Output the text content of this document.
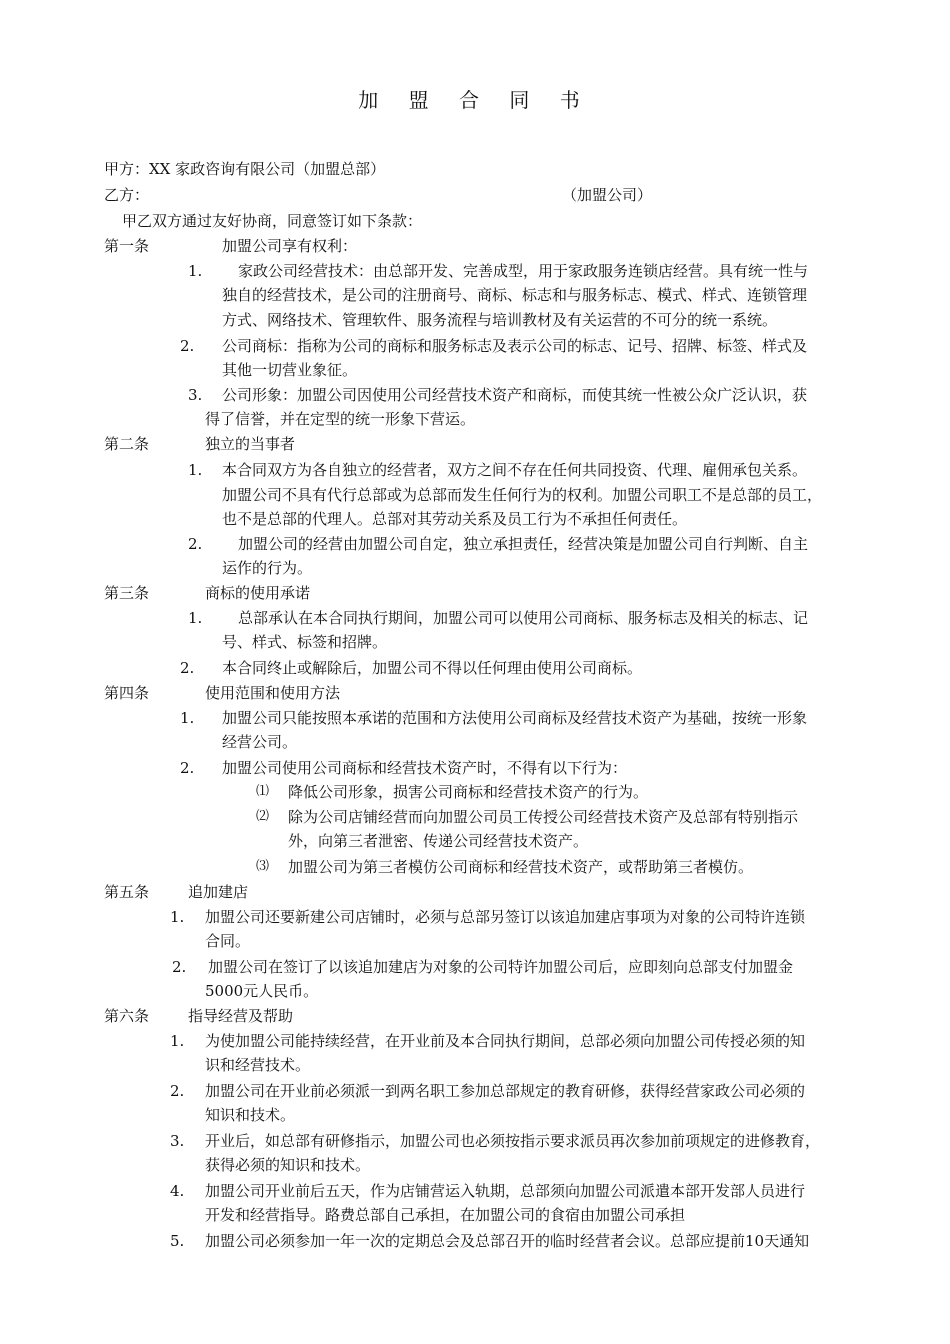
加 盟 合 同 书
甲方：XX 家政咨询有限公司（加盟总部）
乙方：	（加盟公司）
甲乙双方通过友好协商，同意签订如下条款：
第一条	加盟公司享有权利：
1. 家政公司经营技术：由总部开发、完善成型，用于家政服务连锁店经营。具有统一性与
独自的经营技术，是公司的注册商号、商标、标志和与服务标志、模式、样式、连锁管理
方式、网络技术、管理软件、服务流程与培训教材及有关运营的不可分的统一系统。
2. 公司商标：指称为公司的商标和服务标志及表示公司的标志、记号、招牌、标签、样式及
其他一切营业象征。
3. 公司形象：加盟公司因使用公司经营技术资产和商标，而使其统一性被公众广泛认识，获
得了信誉，并在定型的统一形象下营运。
第二条	独立的当事者
1. 本合同双方为各自独立的经营者，双方之间不存在任何共同投资、代理、雇佣承包关系。
加盟公司不具有代行总部或为总部而发生任何行为的权利。加盟公司职工不是总部的员工，
也不是总部的代理人。总部对其劳动关系及员工行为不承担任何责任。
2. 加盟公司的经营由加盟公司自定，独立承担责任，经营决策是加盟公司自行判断、自主
运作的行为。
第三条	商标的使用承诺
1. 总部承认在本合同执行期间，加盟公司可以使用公司商标、服务标志及相关的标志、记
号、样式、标签和招牌。
2. 本合同终止或解除后，加盟公司不得以任何理由使用公司商标。
第四条	使用范围和使用方法
1. 加盟公司只能按照本承诺的范围和方法使用公司商标及经营技术资产为基础，按统一形象
经营公司。
2. 加盟公司使用公司商标和经营技术资产时，不得有以下行为：
⑴ 降低公司形象，损害公司商标和经营技术资产的行为。
⑵ 除为公司店铺经营而向加盟公司员工传授公司经营技术资产及总部有特别指示
外，向第三者泄密、传递公司经营技术资产。
⑶ 加盟公司为第三者模仿公司商标和经营技术资产，或帮助第三者模仿。
第五条	追加建店
1. 加盟公司还要新建公司店铺时，必须与总部另签订以该追加建店事项为对象的公司特许连锁
合同。
2. 加盟公司在签订了以该追加建店为对象的公司特许加盟公司后，应即刻向总部支付加盟金
5000元人民币。
第六条	指导经营及帮助
1. 为使加盟公司能持续经营，在开业前及本合同执行期间，总部必须向加盟公司传授必须的知
识和经营技术。
2. 加盟公司在开业前必须派一到两名职工参加总部规定的教育研修，获得经营家政公司必须的
知识和技术。
3. 开业后，如总部有研修指示，加盟公司也必须按指示要求派员再次参加前项规定的进修教育，
获得必须的知识和技术。
4. 加盟公司开业前后五天，作为店铺营运入轨期，总部须向加盟公司派遣本部开发部人员进行
开发和经营指导。路费总部自己承担，在加盟公司的食宿由加盟公司承担
5. 加盟公司必须参加一年一次的定期总会及总部召开的临时经营者会议。总部应提前10天通知
